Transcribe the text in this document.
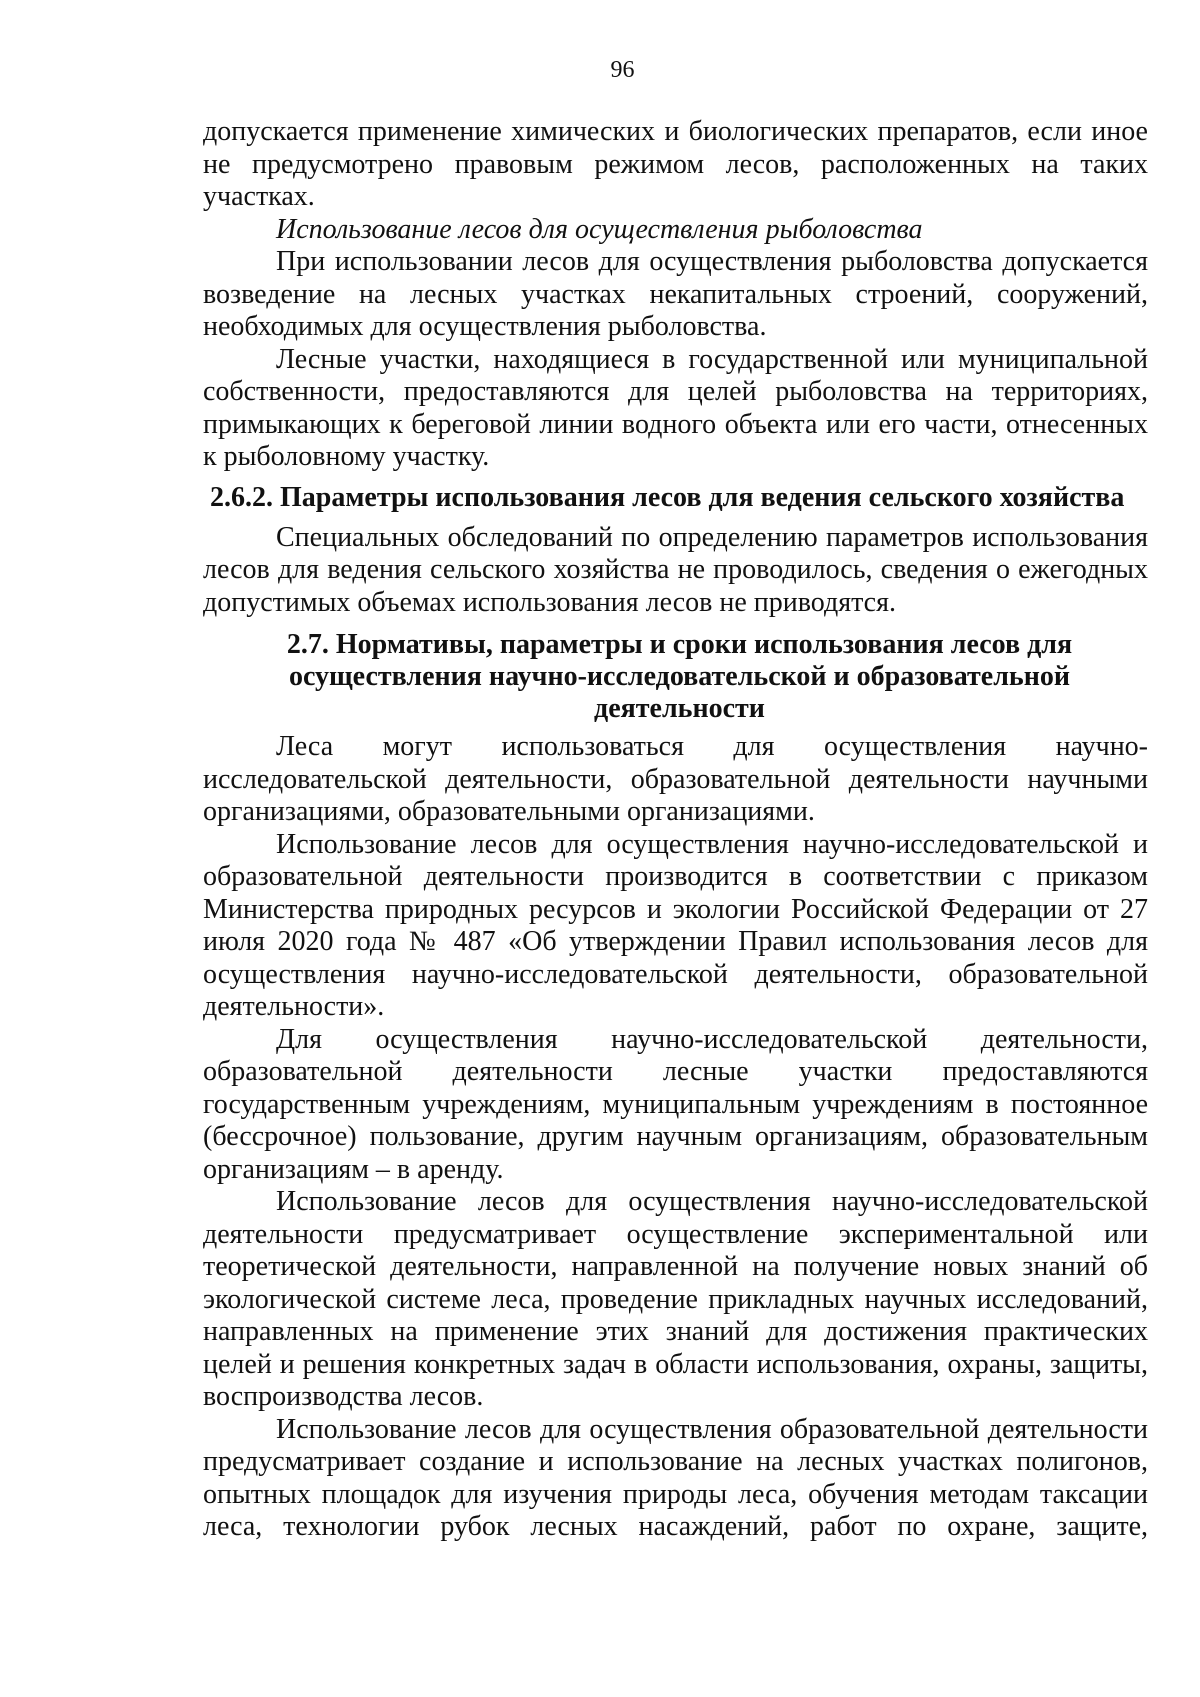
96

допускается применение химических и биологических препаратов, если иное не предусмотрено правовым режимом лесов, расположенных на таких участках.

Использование лесов для осуществления рыболовства

При использовании лесов для осуществления рыболовства допускается возведение на лесных участках некапитальных строений, сооружений, необходимых для осуществления рыболовства.

Лесные участки, находящиеся в государственной или муниципальной собственности, предоставляются для целей рыболовства на территориях, примыкающих к береговой линии водного объекта или его части, отнесенных к рыболовному участку.

2.6.2. Параметры использования лесов для ведения сельского хозяйства

Специальных обследований по определению параметров использования лесов для ведения сельского хозяйства не проводилось, сведения о ежегодных допустимых объемах использования лесов не приводятся.

2.7. Нормативы, параметры и сроки использования лесов для осуществления научно-исследовательской и образовательной деятельности

Леса могут использоваться для осуществления научно-исследовательской деятельности, образовательной деятельности научными организациями, образовательными организациями.

Использование лесов для осуществления научно-исследовательской и образовательной деятельности производится в соответствии с приказом Министерства природных ресурсов и экологии Российской Федерации от 27 июля 2020 года № 487 «Об утверждении Правил использования лесов для осуществления научно-исследовательской деятельности, образовательной деятельности».

Для осуществления научно-исследовательской деятельности, образовательной деятельности лесные участки предоставляются государственным учреждениям, муниципальным учреждениям в постоянное (бессрочное) пользование, другим научным организациям, образовательным организациям – в аренду.

Использование лесов для осуществления научно-исследовательской деятельности предусматривает осуществление экспериментальной или теоретической деятельности, направленной на получение новых знаний об экологической системе леса, проведение прикладных научных исследований, направленных на применение этих знаний для достижения практических целей и решения конкретных задач в области использования, охраны, защиты, воспроизводства лесов.

Использование лесов для осуществления образовательной деятельности предусматривает создание и использование на лесных участках полигонов, опытных площадок для изучения природы леса, обучения методам таксации леса, технологии рубок лесных насаждений, работ по охране, защите,
